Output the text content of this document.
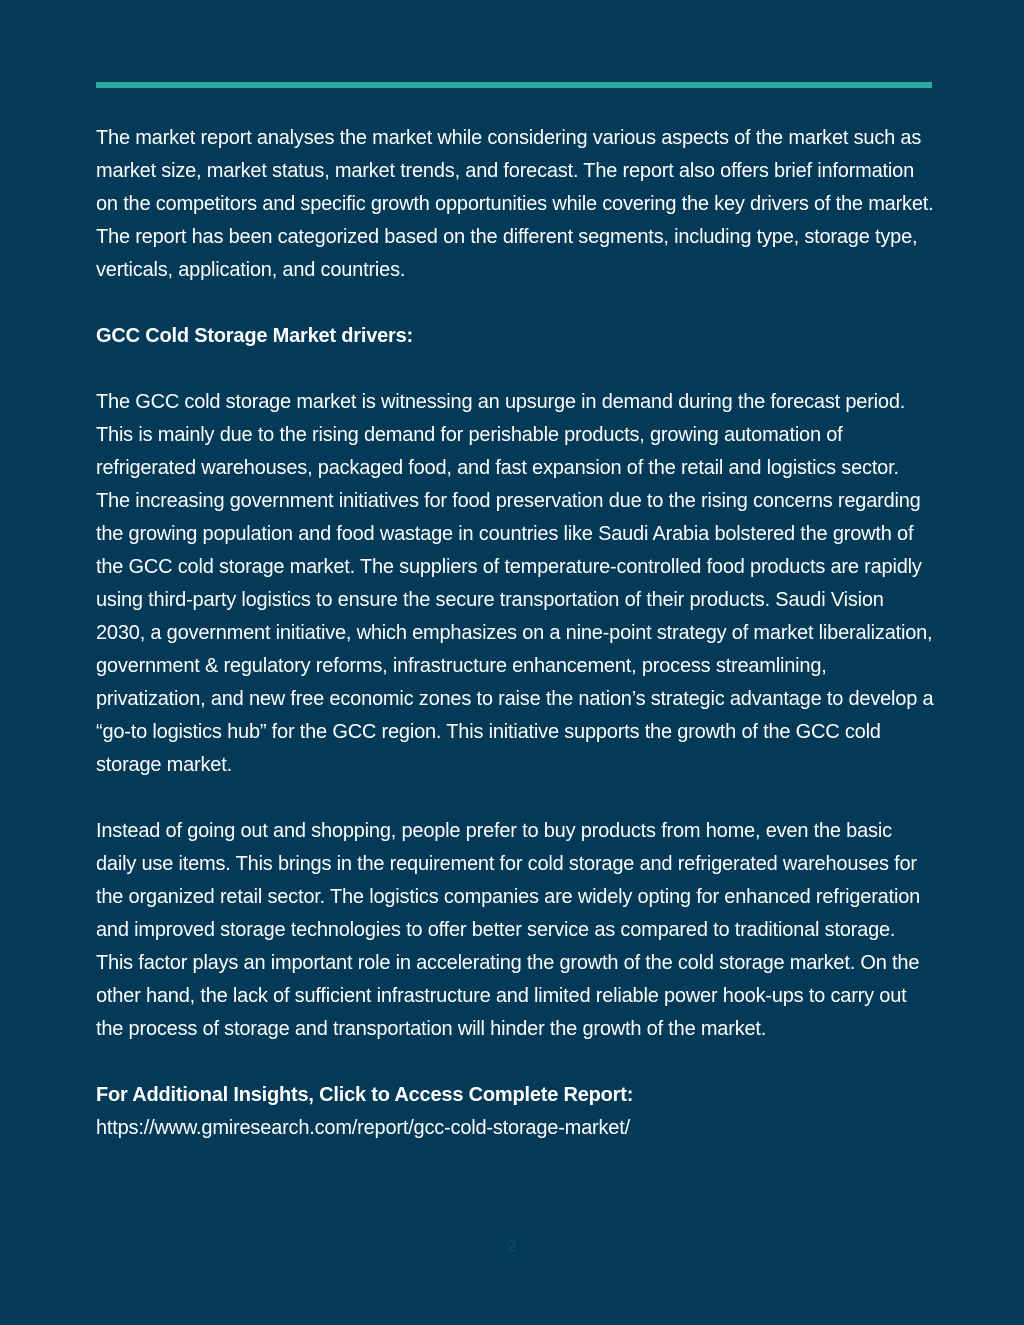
The market report analyses the market while considering various aspects of the market such as market size, market status, market trends, and forecast. The report also offers brief information on the competitors and specific growth opportunities while covering the key drivers of the market. The report has been categorized based on the different segments, including type, storage type, verticals, application, and countries.

GCC Cold Storage Market drivers:

The GCC cold storage market is witnessing an upsurge in demand during the forecast period. This is mainly due to the rising demand for perishable products, growing automation of refrigerated warehouses, packaged food, and fast expansion of the retail and logistics sector. The increasing government initiatives for food preservation due to the rising concerns regarding the growing population and food wastage in countries like Saudi Arabia bolstered the growth of the GCC cold storage market. The suppliers of temperature-controlled food products are rapidly using third-party logistics to ensure the secure transportation of their products. Saudi Vision 2030, a government initiative, which emphasizes on a nine-point strategy of market liberalization, government & regulatory reforms, infrastructure enhancement, process streamlining, privatization, and new free economic zones to raise the nation’s strategic advantage to develop a “go-to logistics hub” for the GCC region. This initiative supports the growth of the GCC cold storage market.

Instead of going out and shopping, people prefer to buy products from home, even the basic daily use items. This brings in the requirement for cold storage and refrigerated warehouses for the organized retail sector. The logistics companies are widely opting for enhanced refrigeration and improved storage technologies to offer better service as compared to traditional storage. This factor plays an important role in accelerating the growth of the cold storage market. On the other hand, the lack of sufficient infrastructure and limited reliable power hook-ups to carry out the process of storage and transportation will hinder the growth of the market.

For Additional Insights, Click to Access Complete Report:

https://www.gmiresearch.com/report/gcc-cold-storage-market/
2
